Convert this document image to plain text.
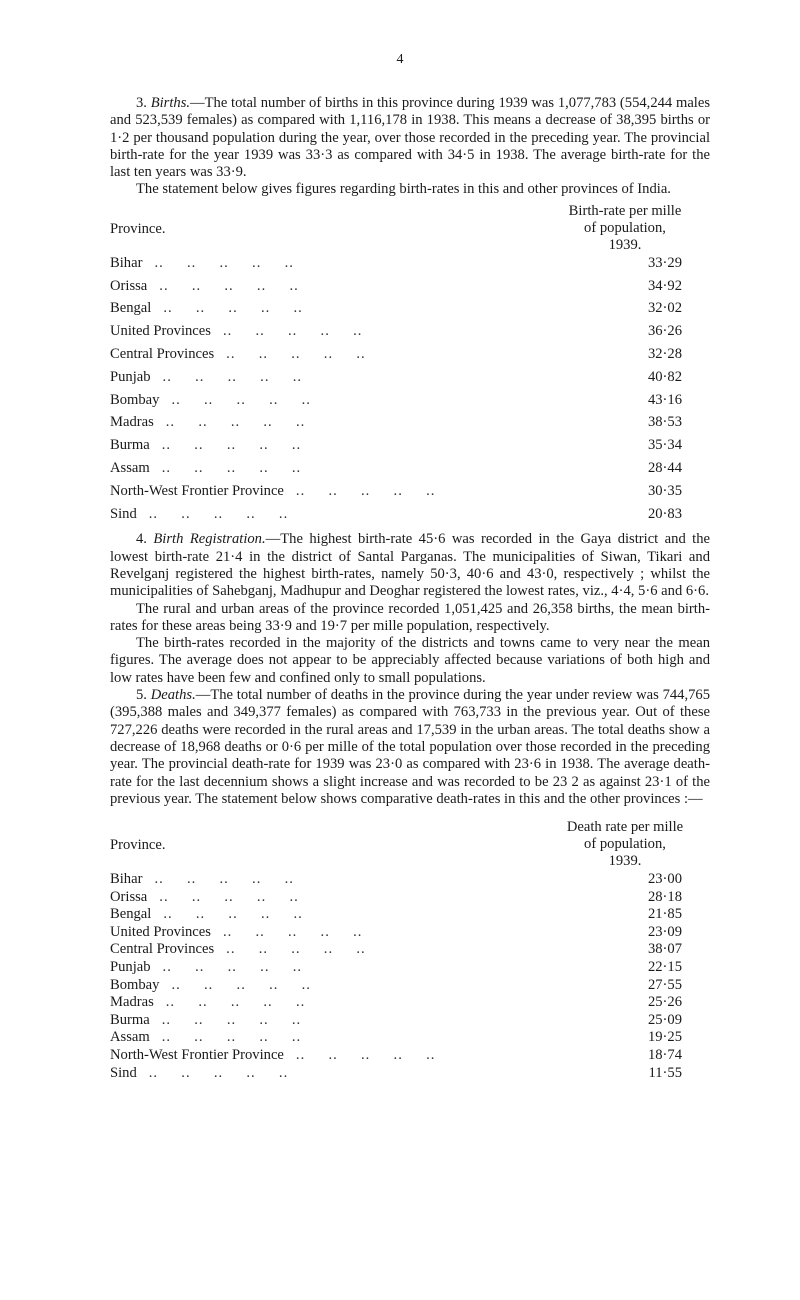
4

3. Births.—The total number of births in this province during 1939 was 1,077,783 (554,244 males and 523,539 females) as compared with 1,116,178 in 1938. This means a decrease of 38,395 births or 1·2 per thousand population during the year, over those recorded in the preceding year. The provincial birth-rate for the year 1939 was 33·3 as compared with 34·5 in 1938. The average birth-rate for the last ten years was 33·9.

The statement below gives figures regarding birth-rates in this and other provinces of India.

Province.
Birth-rate per mille
of population,
1939.
Bihar ..     ..     ..     ..     ..	33·29
Orissa ..     ..     ..     ..     ..	34·92
Bengal ..     ..     ..     ..     ..	32·02
United Provinces ..     ..     ..     ..     ..	36·26
Central Provinces ..     ..     ..     ..     ..	32·28
Punjab ..     ..     ..     ..     ..	40·82
Bombay ..     ..     ..     ..     ..	43·16
Madras ..     ..     ..     ..     ..	38·53
Burma ..     ..     ..     ..     ..	35·34
Assam ..     ..     ..     ..     ..	28·44
North-West Frontier Province ..     ..     ..     ..     ..	30·35
Sind ..     ..     ..     ..     ..	20·83

4. Birth Registration.—The highest birth-rate 45·6 was recorded in the Gaya district and the lowest birth-rate 21·4 in the district of Santal Parganas. The municipalities of Siwan, Tikari and Revelganj registered the highest birth-rates, namely 50·3, 40·6 and 43·0, respectively ; whilst the municipalities of Sahebganj, Madhupur and Deoghar registered the lowest rates, viz., 4·4, 5·6 and 6·6.

The rural and urban areas of the province recorded 1,051,425 and 26,358 births, the mean birth-rates for these areas being 33·9 and 19·7 per mille population, respectively.

The birth-rates recorded in the majority of the districts and towns came to very near the mean figures. The average does not appear to be appreciably affected because variations of both high and low rates have been few and confined only to small populations.

5. Deaths.—The total number of deaths in the province during the year under review was 744,765 (395,388 males and 349,377 females) as compared with 763,733 in the previous year. Out of these 727,226 deaths were recorded in the rural areas and 17,539 in the urban areas. The total deaths show a decrease of 18,968 deaths or 0·6 per mille of the total population over those recorded in the preceding year. The provincial death-rate for 1939 was 23·0 as compared with 23·6 in 1938. The average death-rate for the last decennium shows a slight increase and was recorded to be 23 2 as against 23·1 of the previous year. The statement below shows comparative death-rates in this and the other provinces :—

Province.
Death rate per mille
of population,
1939.
Bihar ..     ..     ..     ..     ..	23·00
Orissa ..     ..     ..     ..     ..	28·18
Bengal ..     ..     ..     ..     ..	21·85
United Provinces ..     ..     ..     ..     ..	23·09
Central Provinces ..     ..     ..     ..     ..	38·07
Punjab ..     ..     ..     ..     ..	22·15
Bombay ..     ..     ..     ..     ..	27·55
Madras ..     ..     ..     ..     ..	25·26
Burma ..     ..     ..     ..     ..	25·09
Assam ..     ..     ..     ..     ..	19·25
North-West Frontier Province ..     ..     ..     ..     ..	18·74
Sind ..     ..     ..     ..     ..	11·55
